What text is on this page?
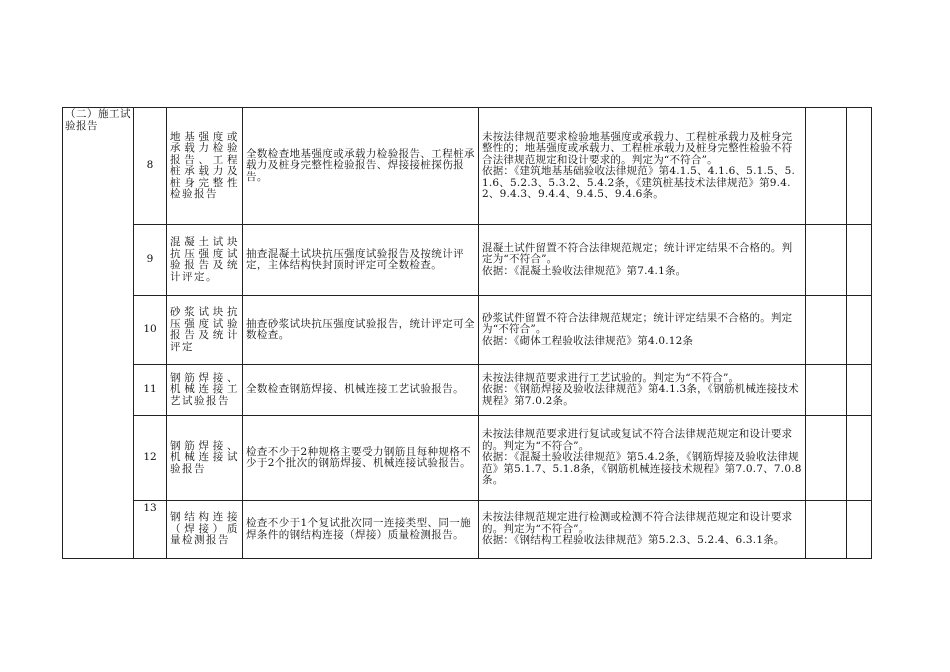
（二）施工试验报告	8	地基强度或承载力检验报告、工程桩承载力及桩身完整性检验报告	全数检查地基强度或承载力检验报告、工程桩承载力及桩身完整性检验报告、焊接接桩探伤报告。	未按法律规范要求检验地基强度或承载力、工程桩承载力及桩身完整性的；地基强度或承载力、工程桩承载力及桩身完整性检验不符合法律规范规定和设计要求的。判定为“不符合”。
依据：《建筑地基基础验收法律规范》第4.1.5、4.1.6、5.1.5、5.1.6、5.2.3、5.3.2、5.4.2条，《建筑桩基技术法律规范》第9.4.2、9.4.3、9.4.4、9.4.5、9.4.6条。		

	9	混凝土试块抗压强度试验报告及统计评定。	抽查混凝土试块抗压强度试验报告及按统计评定，主体结构快封顶时评定可全数检查。	混凝土试件留置不符合法律规范规定；统计评定结果不合格的。判定为“不符合”。
依据：《混凝土验收法律规范》第7.4.1条。		

	10	砂浆试块抗压强度试验报告及统计评定	抽查砂浆试块抗压强度试验报告，统计评定可全数检查。	砂浆试件留置不符合法律规范规定；统计评定结果不合格的。判定为“不符合”。
依据：《砌体工程验收法律规范》第4.0.12条		

	11	钢筋焊接、机械连接工艺试验报告	全数检查钢筋焊接、机械连接工艺试验报告。	未按法律规范要求进行工艺试验的。判定为“不符合”。
依据：《钢筋焊接及验收法律规范》第4.1.3条，《钢筋机械连接技术规程》第7.0.2条。		

	12	钢筋焊接、机械连接试验报告	检查不少于2种规格主要受力钢筋且每种规格不少于2个批次的钢筋焊接、机械连接试验报告。	未按法律规范要求进行复试或复试不符合法律规范规定和设计要求的。判定为“不符合”。
依据：《混凝土验收法律规范》第5.4.2条，《钢筋焊接及验收法律规范》第5.1.7、5.1.8条，《钢筋机械连接技术规程》第7.0.7、7.0.8条。		

	13	钢结构连接（焊接）质量检测报告	检查不少于1个复试批次同一连接类型、同一施焊条件的钢结构连接（焊接）质量检测报告。	未按法律规范规定进行检测或检测不符合法律规范规定和设计要求的。判定为“不符合”。
依据：《钢结构工程验收法律规范》第5.2.3、5.2.4、6.3.1条。		
